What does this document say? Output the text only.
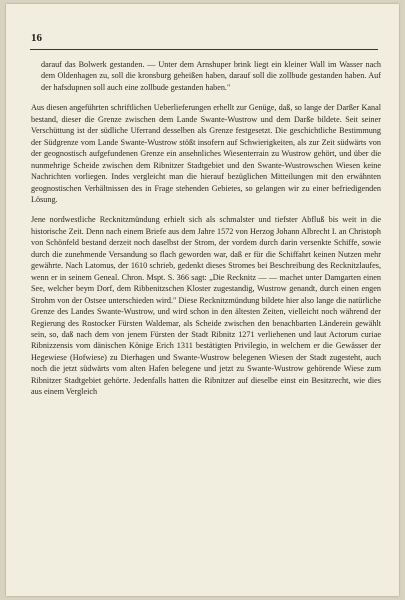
16

darauf das Bolwerk gestanden. — Unter dem Arnshuper brink liegt ein kleiner Wall im Wasser nach dem Oldenhagen zu, soll die kronsburg geheißen haben, darauf soll die zollbude gestanden haben. Auf der hafsdupnen soll auch eine zollbude gestanden haben."

Aus diesen angeführten schriftlichen Ueberlieferungen erhellt zur Genüge, daß, so lange der Darßer Kanal bestand, dieser die Grenze zwischen dem Lande Swante-Wustrow und dem Darße bildete. Seit seiner Verschüttung ist der südliche Uferrand desselben als Grenze festgesetzt. Die geschichtliche Bestimmung der Südgrenze vom Lande Swante-Wustrow stößt insofern auf Schwierigkeiten, als zur Zeit südwärts von der geognostisch aufgefundenen Grenze ein ansehnliches Wiesenterrain zu Wustrow gehört, und über die nunmehrige Scheide zwischen dem Ribnitzer Stadtgebiet und den Swante-Wustrowschen Wiesen keine Nachrichten vorliegen. Indes vergleicht man die hierauf bezüglichen Mitteilungen mit den erwähnten geognostischen Verhältnissen des in Frage stehenden Gebietes, so gelangen wir zu einer befriedigenden Lösung.

Jene nordwestliche Recknitzmündung erhielt sich als schmalster und tiefster Abfluß bis weit in die historische Zeit. Denn nach einem Briefe aus dem Jahre 1572 von Herzog Johann Albrecht I. an Christoph von Schönfeld bestand derzeit noch daselbst der Strom, der vordem durch darin versenkte Schiffe, sowie durch die zunehmende Versandung so flach geworden war, daß er für die Schiffahrt keinen Nutzen mehr gewährte. Nach Latomus, der 1610 schrieb, gedenkt dieses Stromes bei Beschreibung des Recknitzlaufes, wenn er in seinem Geneal. Chron. Mspt. S. 366 sagt: „Die Recknitz — — machet unter Damgarten einen See, welcher beym Dorf, dem Ribbenitzschen Kloster zugestandig, Wustrow genandt, durch einen engen Strohm von der Ostsee unterschieden wird." Diese Recknitzmündung bildete hier also lange die natürliche Grenze des Landes Swante-Wustrow, und wird schon in den ältesten Zeiten, vielleicht noch während der Regierung des Rostocker Fürsten Waldemar, als Scheide zwischen den benachbarten Länderein gewählt sein, so, daß nach dem von jenem Fürsten der Stadt Ribnitz 1271 verliehenen und laut Actorum curiae Ribnizzensis vom dänischen Könige Erich 1311 bestätigten Privilegio, in welchem er die Gewässer der Hegewiese (Hofwiese) zu Dierhagen und Swante-Wustrow belegenen Wiesen der Stadt zugesteht, auch noch die jetzt südwärts vom alten Hafen belegene und jetzt zu Swante-Wustrow gehörende Wiese zum Ribnitzer Stadtgebiet gehörte. Jedenfalls hatten die Ribnitzer auf dieselbe einst ein Besitzrecht, wie dies aus einem Vergleich
